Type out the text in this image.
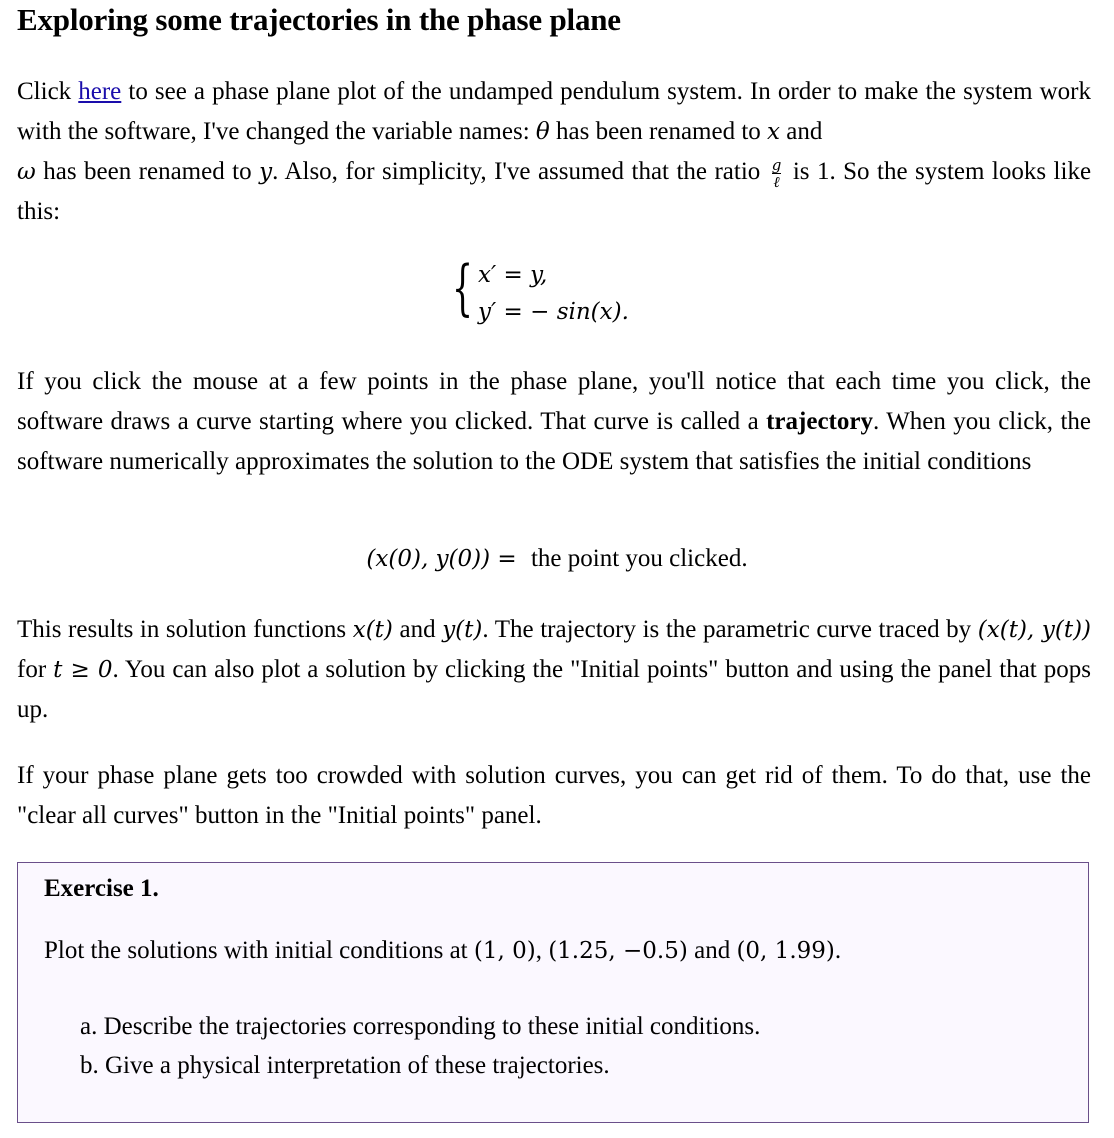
Exploring some trajectories in the phase plane

Click here to see a phase plane plot of the undamped pendulum system. In order to make the system work with the software, I've changed the variable names: θ has been renamed to x and
ω has been renamed to y. Also, for simplicity, I've assumed that the ratio $\frac{g}{\text{ℓ}}$ is 1. So the system looks like this:

{ x′ = y,
y′ = − sin(x).

If you click the mouse at a few points in the phase plane, you'll notice that each time you click, the software draws a curve starting where you clicked. That curve is called a trajectory. When you click, the software numerically approximates the solution to the ODE system that satisfies the initial conditions

(x(0), y(0)) = the point you clicked.

This results in solution functions x(t) and y(t). The trajectory is the parametric curve traced by (x(t), y(t)) for t ≥ 0. You can also plot a solution by clicking the "Initial points" button and using the panel that pops up.

If your phase plane gets too crowded with solution curves, you can get rid of them. To do that, use the "clear all curves" button in the "Initial points" panel.

Exercise 1.

Plot the solutions with initial conditions at (1, 0), (1.25, −0.5) and (0, 1.99).

a. Describe the trajectories corresponding to these initial conditions.
b. Give a physical interpretation of these trajectories.
